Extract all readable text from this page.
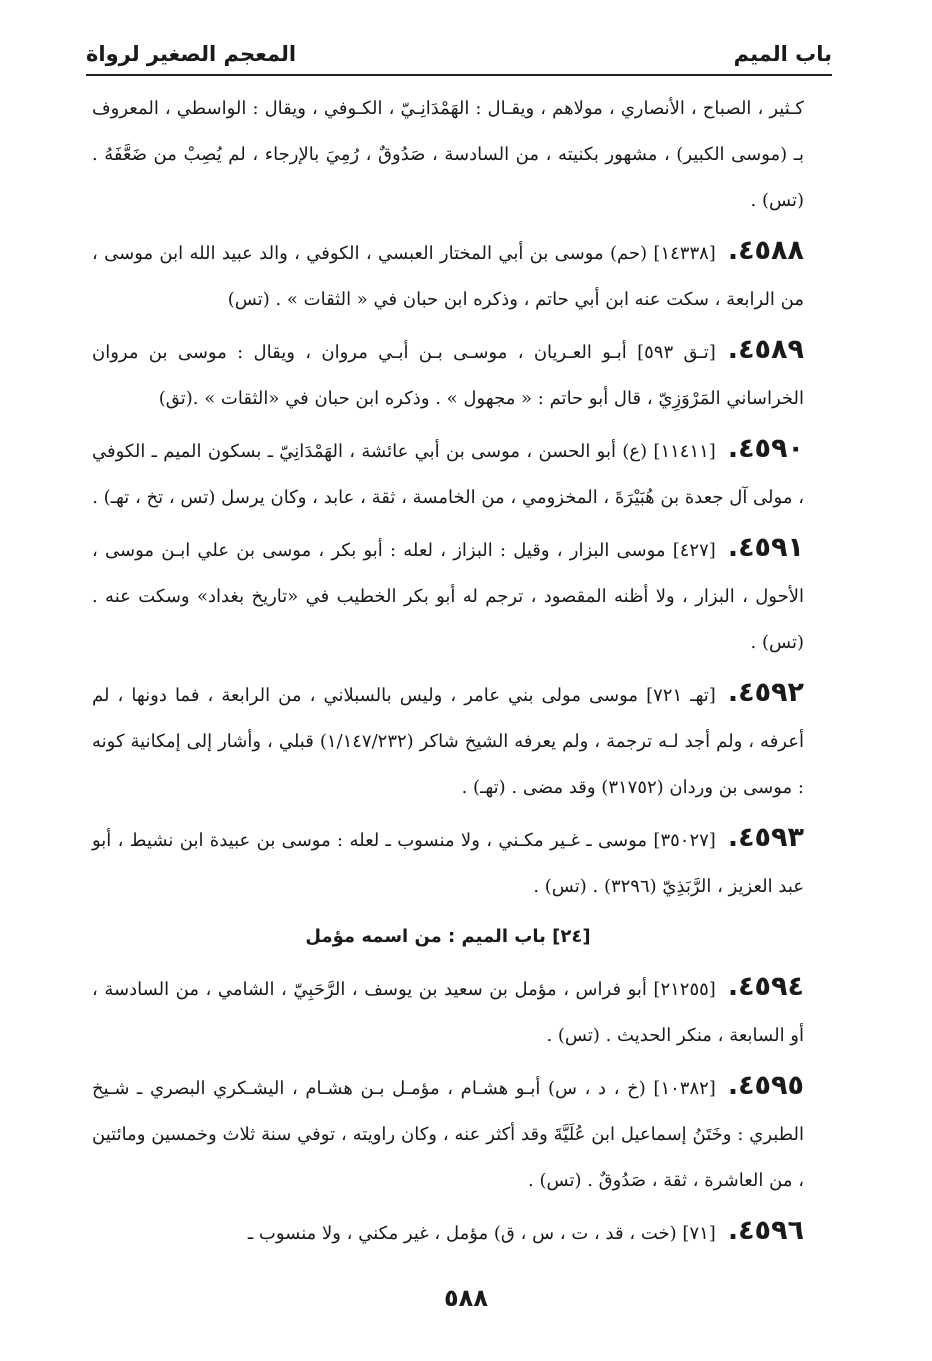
باب الميم
المعجم الصغير لرواة

كـثير ، الصباح ، الأنصاري ، مولاهم ، ويقـال : الهَمْدَانِـيّ ، الكـوفي ، ويقال : الواسطي ، المعروف بـ (موسى الكبير) ، مشهور بكنيته ، من السادسة ، صَدُوقٌ ، رُمِيَ بالإرجاء ، لم يُصِبْ من ضَعَّفَهُ . (تس) .

٤٥٨٨.[١٤٣٣٨] (حم) موسى بن أبي المختار العبسي ، الكوفي ، والد عبيد الله ابن موسى ، من الرابعة ، سكت عنه ابن أبي حاتم ، وذكره ابن حبان في « الثقات » . (تس)

٤٥٨٩.[تـق ٥٩٣] أبـو العـريان ، موسـى بـن أبـي مروان ، ويقال : موسى بن مروان الخراساني المَرْوَزِيّ ، قال أبو حاتم : « مجهول » . وذكره ابن حبان في «الثقات » .(تق)

٤٥٩٠.[١١٤١١] (ع) أبو الحسن ، موسى بن أبي عائشة ، الهَمْدَانِيّ ـ بسكون الميم ـ الكوفي ، مولى آل جعدة بن هُبَيْرَةَ ، المخزومي ، من الخامسة ، ثقة ، عابد ، وكان يرسل (تس ، تخ ، تهـ) .

٤٥٩١.[٤٢٧] موسى البزار ، وقيل : البزاز ، لعله : أبو بكر ، موسى بن علي ابـن موسى ، الأحول ، البزار ، ولا أظنه المقصود ، ترجم له أبو بكر الخطيب في «تاريخ بغداد» وسكت عنه . (تس) .

٤٥٩٢.[تهـ ٧٢١] موسى مولى بني عامر ، وليس بالسبلاني ، من الرابعة ، فما دونها ، لم أعرفه ، ولم أجد لـه ترجمة ، ولم يعرفه الشيخ شاكر (١/١٤٧/٢٣٢) قبلي ، وأشار إلى إمكانية كونه : موسى بن وردان (٣١٧٥٢) وقد مضى . (تهـ) .

٤٥٩٣.[٣٥٠٢٧] موسى ـ غـير مكـني ، ولا منسوب ـ لعله : موسى بن عبيدة ابن نشيط ، أبو عبد العزيز ، الرَّبَذِيّ (٣٢٩٦) . (تس) .

[٢٤] باب الميم : من اسمه مؤمل

٤٥٩٤.[٢١٢٥٥] أبو فراس ، مؤمل بن سعيد بن يوسف ، الرَّحَبِيّ ، الشامي ، من السادسة ، أو السابعة ، منكر الحديث . (تس) .

٤٥٩٥.[١٠٣٨٢] (خ ، د ، س) أبـو هشـام ، مؤمـل بـن هشـام ، اليشـكري البصري ـ شـيخ الطبري : وخَتَنُ إسماعيل ابن عُلَيَّةَ وقد أكثر عنه ، وكان راويته ، توفي سنة ثلاث وخمسين ومائتين ، من العاشرة ، ثقة ، صَدُوقٌ . (تس) .

٤٥٩٦.[٧١] (خت ، قد ، ت ، س ، ق) مؤمل ، غير مكني ، ولا منسوب ـ

٥٨٨
